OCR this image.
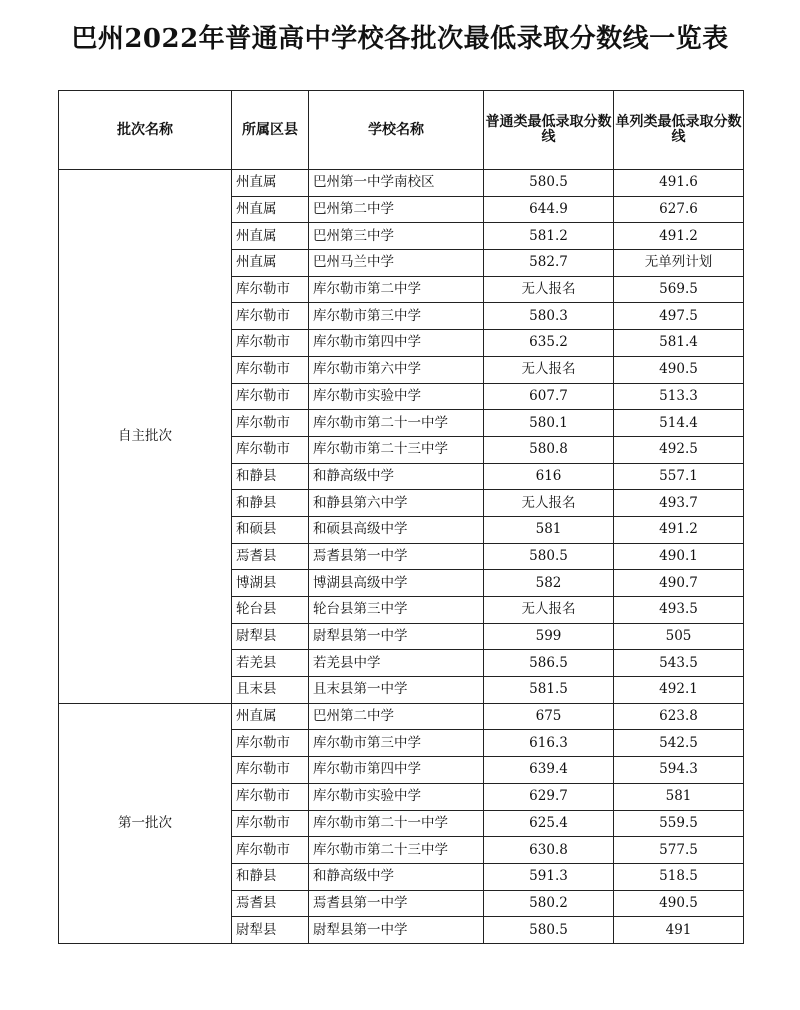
巴州2022年普通高中学校各批次最低录取分数线一览表
批次名称	所属区县	学校名称	普通类最低录取分数线	单列类最低录取分数线
自主批次	州直属	巴州第一中学南校区	580.5	491.6
	州直属	巴州第二中学	644.9	627.6
	州直属	巴州第三中学	581.2	491.2
	州直属	巴州马兰中学	582.7	无单列计划
	库尔勒市	库尔勒市第二中学	无人报名	569.5
	库尔勒市	库尔勒市第三中学	580.3	497.5
	库尔勒市	库尔勒市第四中学	635.2	581.4
	库尔勒市	库尔勒市第六中学	无人报名	490.5
	库尔勒市	库尔勒市实验中学	607.7	513.3
	库尔勒市	库尔勒市第二十一中学	580.1	514.4
	库尔勒市	库尔勒市第二十三中学	580.8	492.5
	和静县	和静高级中学	616	557.1
	和静县	和静县第六中学	无人报名	493.7
	和硕县	和硕县高级中学	581	491.2
	焉耆县	焉耆县第一中学	580.5	490.1
	博湖县	博湖县高级中学	582	490.7
	轮台县	轮台县第三中学	无人报名	493.5
	尉犁县	尉犁县第一中学	599	505
	若羌县	若羌县中学	586.5	543.5
	且末县	且末县第一中学	581.5	492.1
第一批次	州直属	巴州第二中学	675	623.8
	库尔勒市	库尔勒市第三中学	616.3	542.5
	库尔勒市	库尔勒市第四中学	639.4	594.3
	库尔勒市	库尔勒市实验中学	629.7	581
	库尔勒市	库尔勒市第二十一中学	625.4	559.5
	库尔勒市	库尔勒市第二十三中学	630.8	577.5
	和静县	和静高级中学	591.3	518.5
	焉耆县	焉耆县第一中学	580.2	490.5
	尉犁县	尉犁县第一中学	580.5	491
